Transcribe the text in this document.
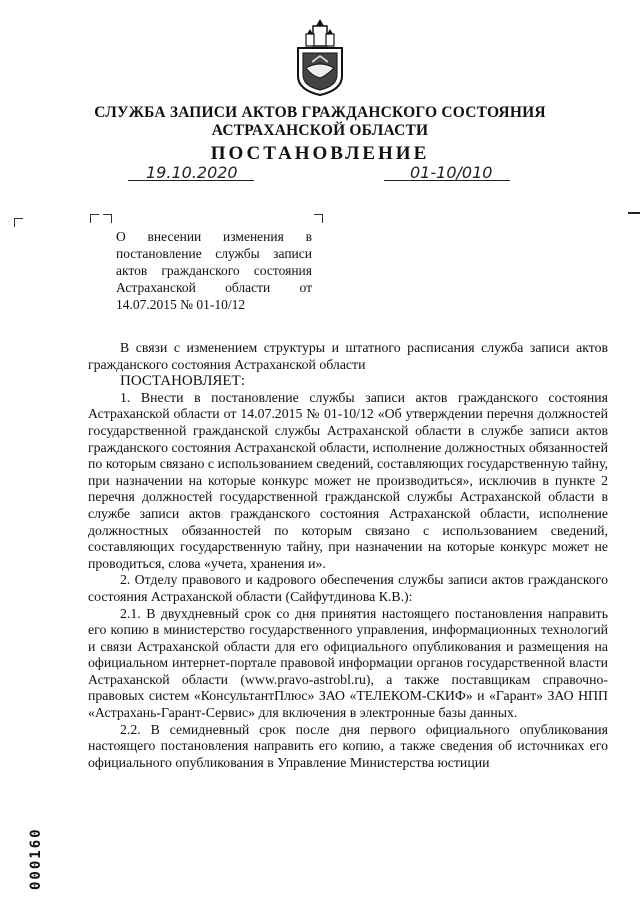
СЛУЖБА ЗАПИСИ АКТОВ ГРАЖДАНСКОГО СОСТОЯНИЯ
АСТРАХАНСКОЙ ОБЛАСТИ
ПОСТАНОВЛЕНИЕ
19.10.2020	01-10/010
О внесении изменения в постановление службы записи актов гражданского состояния Астраханской области от 14.07.2015 № 01-10/12

В связи с изменением структуры и штатного расписания служба записи актов гражданского состояния Астраханской области

ПОСТАНОВЛЯЕТ:

1. Внести в постановление службы записи актов гражданского состояния Астраханской области от 14.07.2015 № 01-10/12 «Об утверждении перечня должностей государственной гражданской службы Астраханской области в службе записи актов гражданского состояния Астраханской области, исполнение должностных обязанностей по которым связано с использованием сведений, составляющих государственную тайну, при назначении на которые конкурс может не производиться», исключив в пункте 2 перечня должностей государственной гражданской службы Астраханской области в службе записи актов гражданского состояния Астраханской области, исполнение должностных обязанностей по которым связано с использованием сведений, составляющих государственную тайну, при назначении на которые конкурс может не проводиться, слова «учета, хранения и».

2. Отделу правового и кадрового обеспечения службы записи актов гражданского состояния Астраханской области (Сайфутдинова К.В.):

2.1. В двухдневный срок со дня принятия настоящего постановления направить его копию в министерство государственного управления, информационных технологий и связи Астраханской области для его официального опубликования и размещения на официальном интернет-портале правовой информации органов государственной власти Астраханской области (www.pravo-astrobl.ru), а также поставщикам справочно-правовых систем «КонсультантПлюс» ЗАО «ТЕЛЕКОМ-СКИФ» и «Гарант» ЗАО НПП «Астрахань-Гарант-Сервис» для включения в электронные базы данных.

2.2. В семидневный срок после дня первого официального опубликования настоящего постановления направить его копию, а также сведения об источниках его официального опубликования в Управление Министерства юстиции

000160
